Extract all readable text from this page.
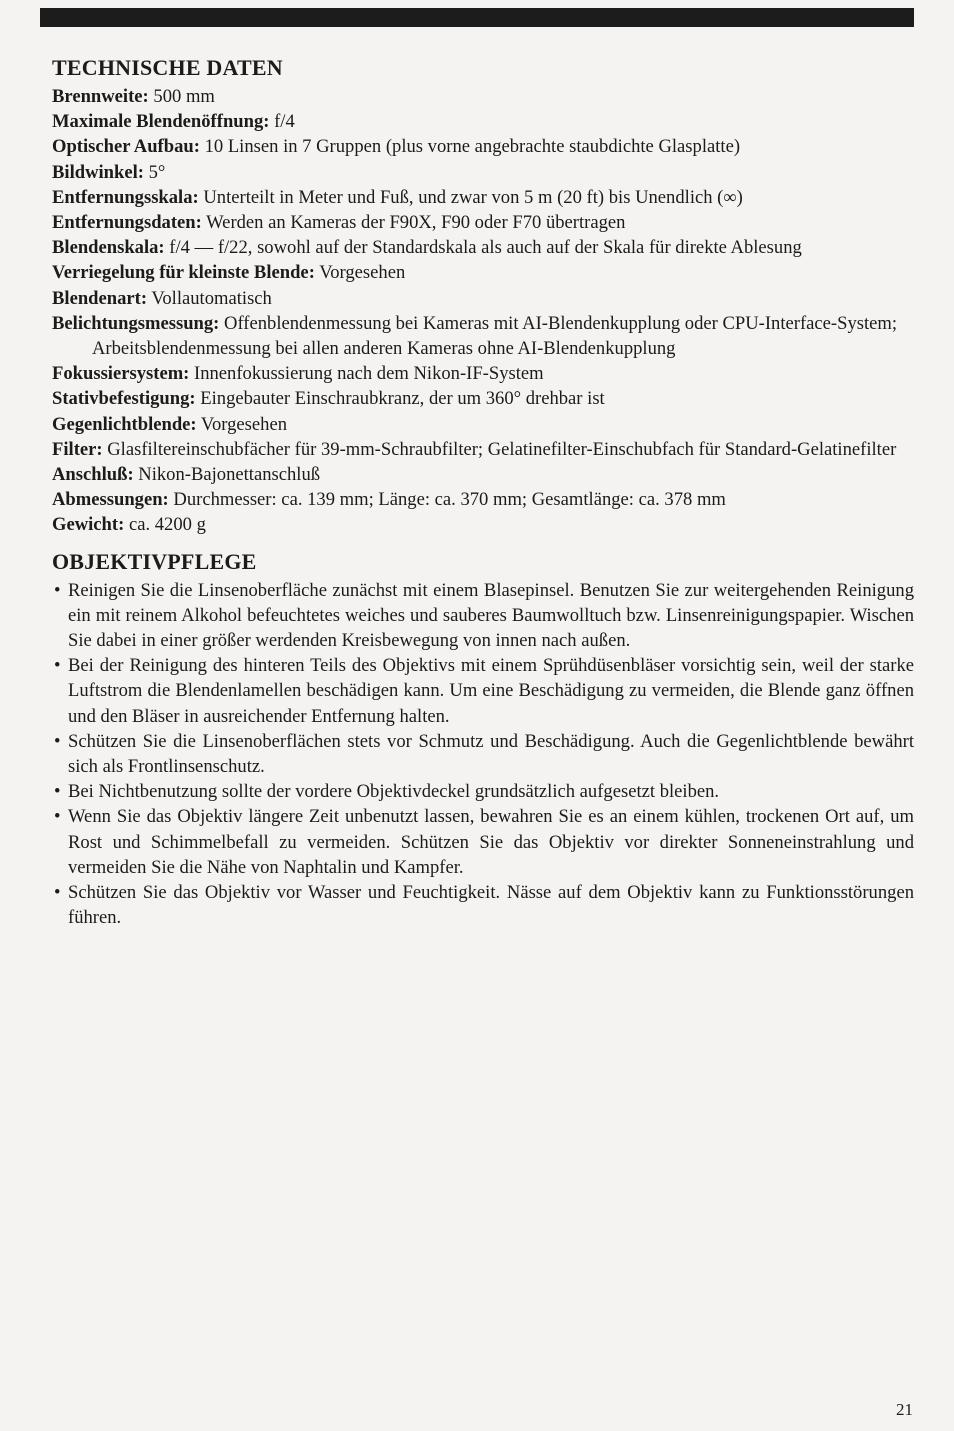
TECHNISCHE DATEN
Brennweite: 500 mm
Maximale Blendenöffnung: f/4
Optischer Aufbau: 10 Linsen in 7 Gruppen (plus vorne angebrachte staubdichte Glasplatte)
Bildwinkel: 5°
Entfernungsskala: Unterteilt in Meter und Fuß, und zwar von 5 m (20 ft) bis Unendlich (∞)
Entfernungsdaten: Werden an Kameras der F90X, F90 oder F70 übertragen
Blendenskala: f/4 — f/22, sowohl auf der Standardskala als auch auf der Skala für direkte Ablesung
Verriegelung für kleinste Blende: Vorgesehen
Blendenart: Vollautomatisch
Belichtungsmessung: Offenblendenmessung bei Kameras mit AI-Blendenkupplung oder CPU-Interface-System; Arbeitsblendenmessung bei allen anderen Kameras ohne AI-Blendenkupplung
Fokussiersystem: Innenfokussierung nach dem Nikon-IF-System
Stativbefestigung: Eingebauter Einschraubkranz, der um 360° drehbar ist
Gegenlichtblende: Vorgesehen
Filter: Glasfiltereinschubfächer für 39-mm-Schraubfilter; Gelatinefilter-Einschubfach für Standard-Gelatinefilter
Anschluß: Nikon-Bajonettanschluß
Abmessungen: Durchmesser: ca. 139 mm; Länge: ca. 370 mm; Gesamtlänge: ca. 378 mm
Gewicht: ca. 4200 g
OBJEKTIVPFLEGE
• Reinigen Sie die Linsenoberfläche zunächst mit einem Blasepinsel. Benutzen Sie zur weitergehenden Reinigung ein mit reinem Alkohol befeuchtetes weiches und sauberes Baumwolltuch bzw. Linsenreinigungspapier. Wischen Sie dabei in einer größer werdenden Kreisbewegung von innen nach außen.
• Bei der Reinigung des hinteren Teils des Objektivs mit einem Sprühdüsenbläser vorsichtig sein, weil der starke Luftstrom die Blendenlamellen beschädigen kann. Um eine Beschädigung zu vermeiden, die Blende ganz öffnen und den Bläser in ausreichender Entfernung halten.
• Schützen Sie die Linsenoberflächen stets vor Schmutz und Beschädigung. Auch die Gegenlichtblende bewährt sich als Frontlinsenschutz.
• Bei Nichtbenutzung sollte der vordere Objektivdeckel grundsätzlich aufgesetzt bleiben.
• Wenn Sie das Objektiv längere Zeit unbenutzt lassen, bewahren Sie es an einem kühlen, trockenen Ort auf, um Rost und Schimmelbefall zu vermeiden. Schützen Sie das Objektiv vor direkter Sonneneinstrahlung und vermeiden Sie die Nähe von Naphtalin und Kampfer.
• Schützen Sie das Objektiv vor Wasser und Feuchtigkeit. Nässe auf dem Objektiv kann zu Funktionsstörungen führen.
21
